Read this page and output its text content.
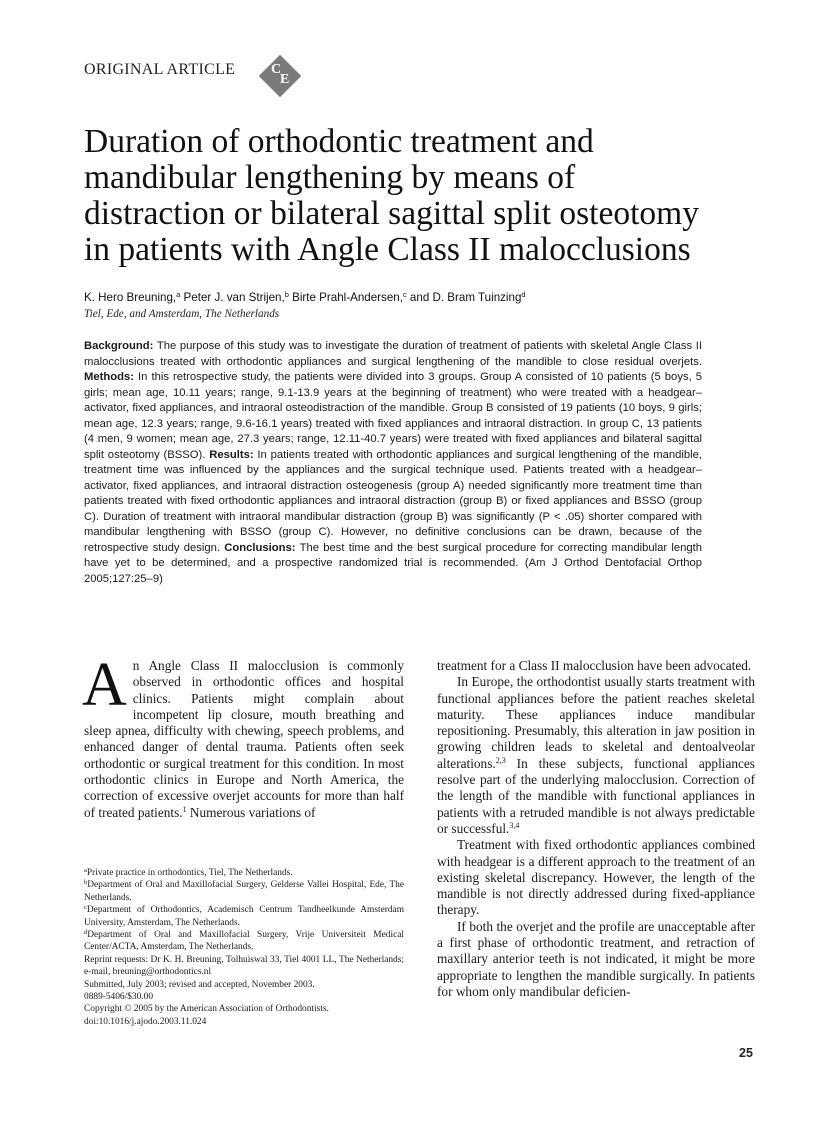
ORIGINAL ARTICLE	C
E
Duration of orthodontic treatment and
mandibular lengthening by means of
distraction or bilateral sagittal split osteotomy
in patients with Angle Class II malocclusions
K. Hero Breuning,$^a$ Peter J. van Strijen,$^b$ Birte Prahl-Andersen,$^c$ and D. Bram Tuinzing$^d$
Tiel, Ede, and Amsterdam, The Netherlands

Background: The purpose of this study was to investigate the duration of treatment of patients with skeletal Angle Class II malocclusions treated with orthodontic appliances and surgical lengthening of the mandible to close residual overjets. Methods: In this retrospective study, the patients were divided into 3 groups. Group A consisted of 10 patients (5 boys, 5 girls; mean age, 10.11 years; range, 9.1-13.9 years at the beginning of treatment) who were treated with a headgear–activator, fixed appliances, and intraoral osteodistraction of the mandible. Group B consisted of 19 patients (10 boys, 9 girls; mean age, 12.3 years; range, 9.6-16.1 years) treated with fixed appliances and intraoral distraction. In group C, 13 patients (4 men, 9 women; mean age, 27.3 years; range, 12.11-40.7 years) were treated with fixed appliances and bilateral sagittal split osteotomy (BSSO). Results: In patients treated with orthodontic appliances and surgical lengthening of the mandible, treatment time was influenced by the appliances and the surgical technique used. Patients treated with a headgear–activator, fixed appliances, and intraoral distraction osteogenesis (group A) needed significantly more treatment time than patients treated with fixed orthodontic appliances and intraoral distraction (group B) or fixed appliances and BSSO (group C). Duration of treatment with intraoral mandibular distraction (group B) was significantly (P < .05) shorter compared with mandibular lengthening with BSSO (group C). However, no definitive conclusions can be drawn, because of the retrospective study design. Conclusions: The best time and the best surgical procedure for correcting mandibular length have yet to be determined, and a prospective randomized trial is recommended. (Am J Orthod Dentofacial Orthop 2005;127:25–9)

An Angle Class II malocclusion is commonly observed in orthodontic offices and hospital clinics. Patients might complain about incompetent lip closure, mouth breathing and sleep apnea, difficulty with chewing, speech problems, and enhanced danger of dental trauma. Patients often seek orthodontic or surgical treatment for this condition. In most orthodontic clinics in Europe and North America, the correction of excessive overjet accounts for more than half of treated patients.$^1$ Numerous variations of

treatment for a Class II malocclusion have been advocated.

In Europe, the orthodontist usually starts treatment with functional appliances before the patient reaches skeletal maturity. These appliances induce mandibular repositioning. Presumably, this alteration in jaw position in growing children leads to skeletal and dentoalveolar alterations.$^{2,3}$ In these subjects, functional appliances resolve part of the underlying malocclusion. Correction of the length of the mandible with functional appliances in patients with a retruded mandible is not always predictable or successful.$^{3,4}$

Treatment with fixed orthodontic appliances combined with headgear is a different approach to the treatment of an existing skeletal discrepancy. However, the length of the mandible is not directly addressed during fixed-appliance therapy.

If both the overjet and the profile are unacceptable after a first phase of orthodontic treatment, and retraction of maxillary anterior teeth is not indicated, it might be more appropriate to lengthen the mandible surgically. In patients for whom only mandibular deficien-

$^a$Private practice in orthodontics, Tiel, The Netherlands.
$^b$Department of Oral and Maxillofacial Surgery, Gelderse Vallei Hospital, Ede, The Netherlands.
$^c$Department of Orthodontics, Academisch Centrum Tandheelkunde Amsterdam University, Amsterdam, The Netherlands.
$^d$Department of Oral and Maxillofacial Surgery, Vrije Universiteit Medical Center/ACTA, Amsterdam, The Netherlands.
Reprint requests: Dr K. H. Breuning, Tolhuiswal 33, Tiel 4001 LL, The Netherlands; e-mail, breuning@orthodontics.nl
Submitted, July 2003; revised and accepted, November 2003.
0889-5406/$30.00
Copyright © 2005 by the American Association of Orthodontists.
doi:10.1016/j.ajodo.2003.11.024
25
